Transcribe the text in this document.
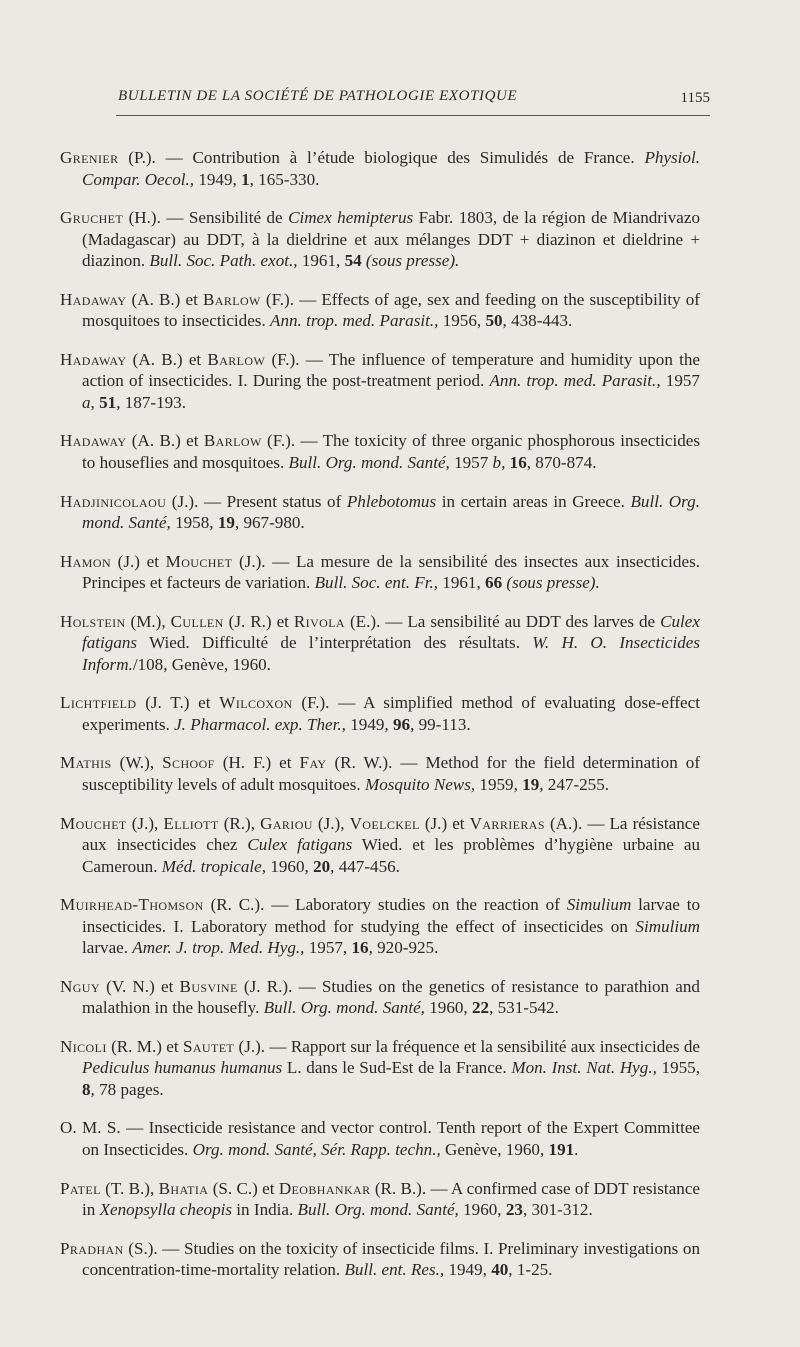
BULLETIN DE LA SOCIÉTÉ DE PATHOLOGIE EXOTIQUE	1155

Grenier (P.). — Contribution à l’étude biologique des Simulidés de France. Physiol. Compar. Oecol., 1949, 1, 165-330.

Gruchet (H.). — Sensibilité de Cimex hemipterus Fabr. 1803, de la région de Miandrivazo (Madagascar) au DDT, à la dieldrine et aux mélanges DDT + diazinon et dieldrine + diazinon. Bull. Soc. Path. exot., 1961, 54 (sous presse).

Hadaway (A. B.) et Barlow (F.). — Effects of age, sex and feeding on the susceptibility of mosquitoes to insecticides. Ann. trop. med. Parasit., 1956, 50, 438-443.

Hadaway (A. B.) et Barlow (F.). — The influence of temperature and humidity upon the action of insecticides. I. During the post-treatment period. Ann. trop. med. Parasit., 1957 a, 51, 187-193.

Hadaway (A. B.) et Barlow (F.). — The toxicity of three organic phosphorous insecticides to houseflies and mosquitoes. Bull. Org. mond. Santé, 1957 b, 16, 870-874.

Hadjinicolaou (J.). — Present status of Phlebotomus in certain areas in Greece. Bull. Org. mond. Santé, 1958, 19, 967-980.

Hamon (J.) et Mouchet (J.). — La mesure de la sensibilité des insectes aux insecticides. Principes et facteurs de variation. Bull. Soc. ent. Fr., 1961, 66 (sous presse).

Holstein (M.), Cullen (J. R.) et Rivola (E.). — La sensibilité au DDT des larves de Culex fatigans Wied. Difficulté de l’interprétation des résultats. W. H. O. Insecticides Inform./108, Genève, 1960.

Lichtfield (J. T.) et Wilcoxon (F.). — A simplified method of evaluating dose-effect experiments. J. Pharmacol. exp. Ther., 1949, 96, 99-113.

Mathis (W.), Schoof (H. F.) et Fay (R. W.). — Method for the field determination of susceptibility levels of adult mosquitoes. Mosquito News, 1959, 19, 247-255.

Mouchet (J.), Elliott (R.), Gariou (J.), Voelckel (J.) et Varrieras (A.). — La résistance aux insecticides chez Culex fatigans Wied. et les problèmes d’hygiène urbaine au Cameroun. Méd. tropicale, 1960, 20, 447-456.

Muirhead-Thomson (R. C.). — Laboratory studies on the reaction of Simulium larvae to insecticides. I. Laboratory method for studying the effect of insecticides on Simulium larvae. Amer. J. trop. Med. Hyg., 1957, 16, 920-925.

Nguy (V. N.) et Busvine (J. R.). — Studies on the genetics of resistance to parathion and malathion in the housefly. Bull. Org. mond. Santé, 1960, 22, 531-542.

Nicoli (R. M.) et Sautet (J.). — Rapport sur la fréquence et la sensibilité aux insecticides de Pediculus humanus humanus L. dans le Sud-Est de la France. Mon. Inst. Nat. Hyg., 1955, 8, 78 pages.

O. M. S. — Insecticide resistance and vector control. Tenth report of the Expert Committee on Insecticides. Org. mond. Santé, Sér. Rapp. techn., Genève, 1960, 191.

Patel (T. B.), Bhatia (S. C.) et Deobhankar (R. B.). — A confirmed case of DDT resistance in Xenopsylla cheopis in India. Bull. Org. mond. Santé, 1960, 23, 301-312.

Pradhan (S.). — Studies on the toxicity of insecticide films. I. Preliminary investigations on concentration-time-mortality relation. Bull. ent. Res., 1949, 40, 1-25.
